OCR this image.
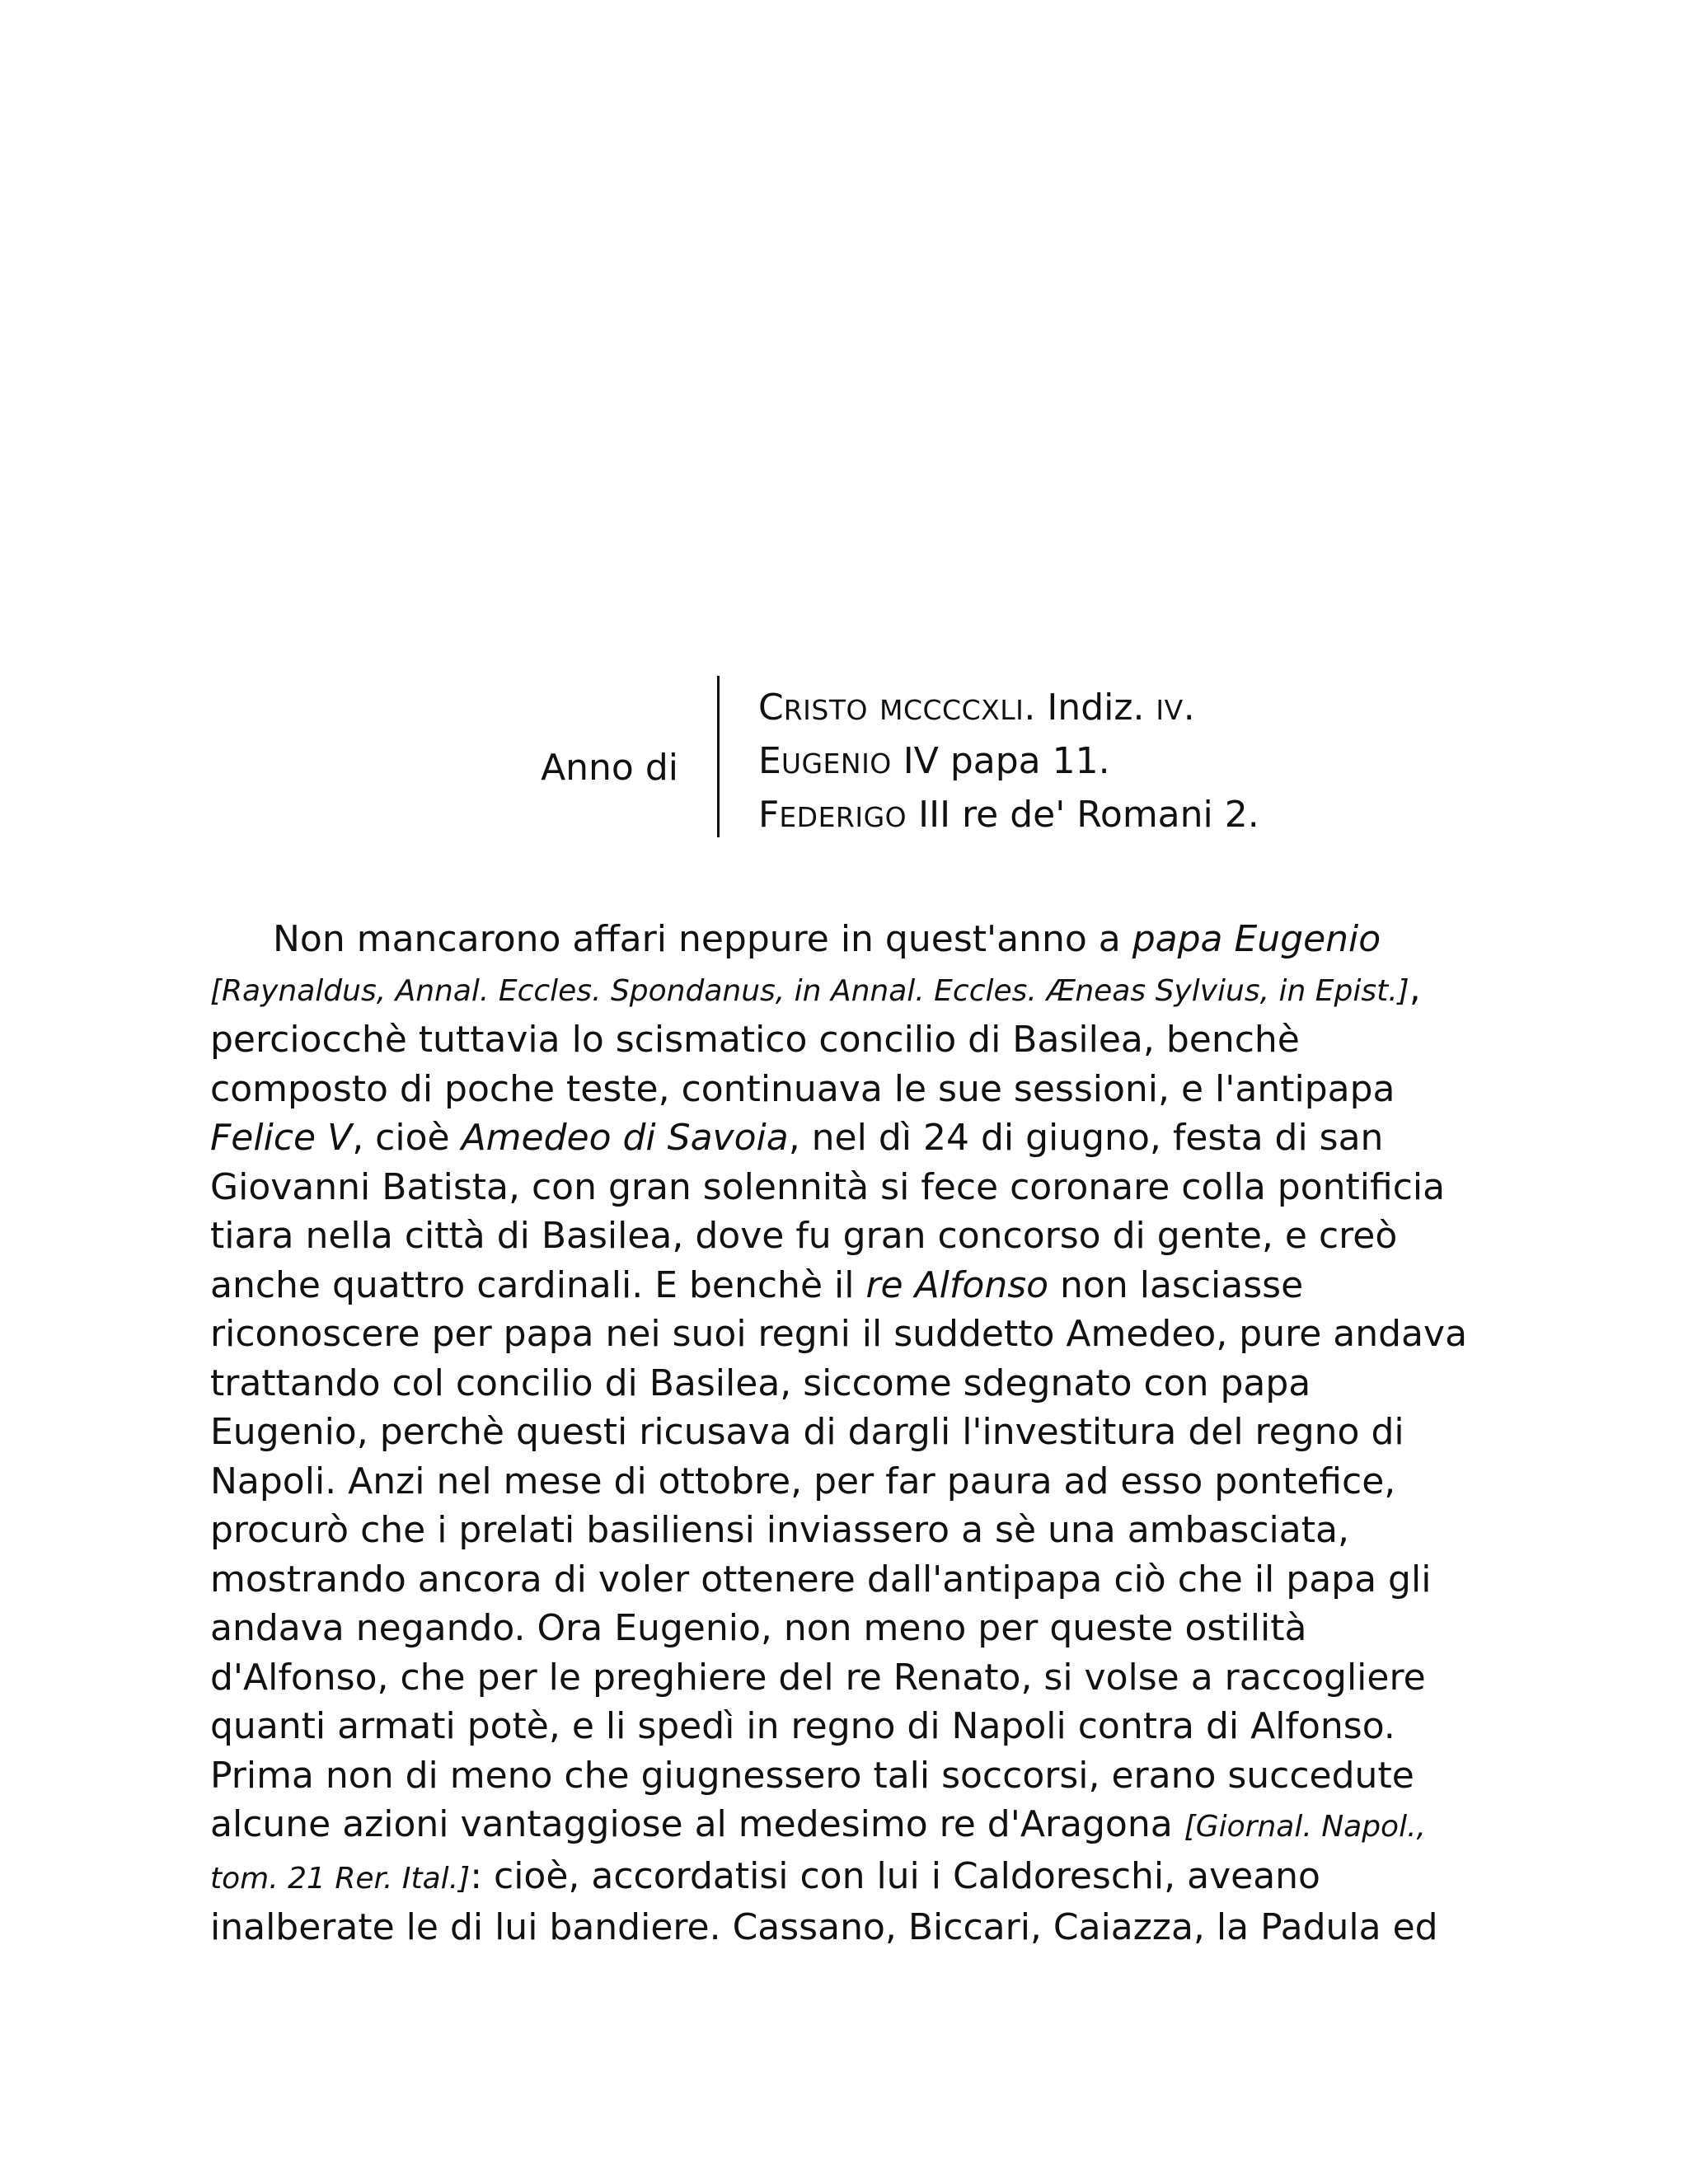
Anno di
CRISTO MCCCCXLI. Indiz. IV.
EUGENIO IV papa 11.
FEDERIGO III re de' Romani 2.
Non mancarono affari neppure in quest'anno a papa Eugenio
[Raynaldus, Annal. Eccles. Spondanus, in Annal. Eccles. Æneas Sylvius, in Epist.],
perciocchè tuttavia lo scismatico concilio di Basilea, benchè
composto di poche teste, continuava le sue sessioni, e l'antipapa
Felice V, cioè Amedeo di Savoia, nel dì 24 di giugno, festa di san
Giovanni Batista, con gran solennità si fece coronare colla pontificia
tiara nella città di Basilea, dove fu gran concorso di gente, e creò
anche quattro cardinali. E benchè il re Alfonso non lasciasse
riconoscere per papa nei suoi regni il suddetto Amedeo, pure andava
trattando col concilio di Basilea, siccome sdegnato con papa
Eugenio, perchè questi ricusava di dargli l'investitura del regno di
Napoli. Anzi nel mese di ottobre, per far paura ad esso pontefice,
procurò che i prelati basiliensi inviassero a sè una ambasciata,
mostrando ancora di voler ottenere dall'antipapa ciò che il papa gli
andava negando. Ora Eugenio, non meno per queste ostilità
d'Alfonso, che per le preghiere del re Renato, si volse a raccogliere
quanti armati potè, e li spedì in regno di Napoli contra di Alfonso.
Prima non di meno che giugnessero tali soccorsi, erano succedute
alcune azioni vantaggiose al medesimo re d'Aragona [Giornal. Napol.,
tom. 21 Rer. Ital.]: cioè, accordatisi con lui i Caldoreschi, aveano
inalberate le di lui bandiere. Cassano, Biccari, Caiazza, la Padula ed
